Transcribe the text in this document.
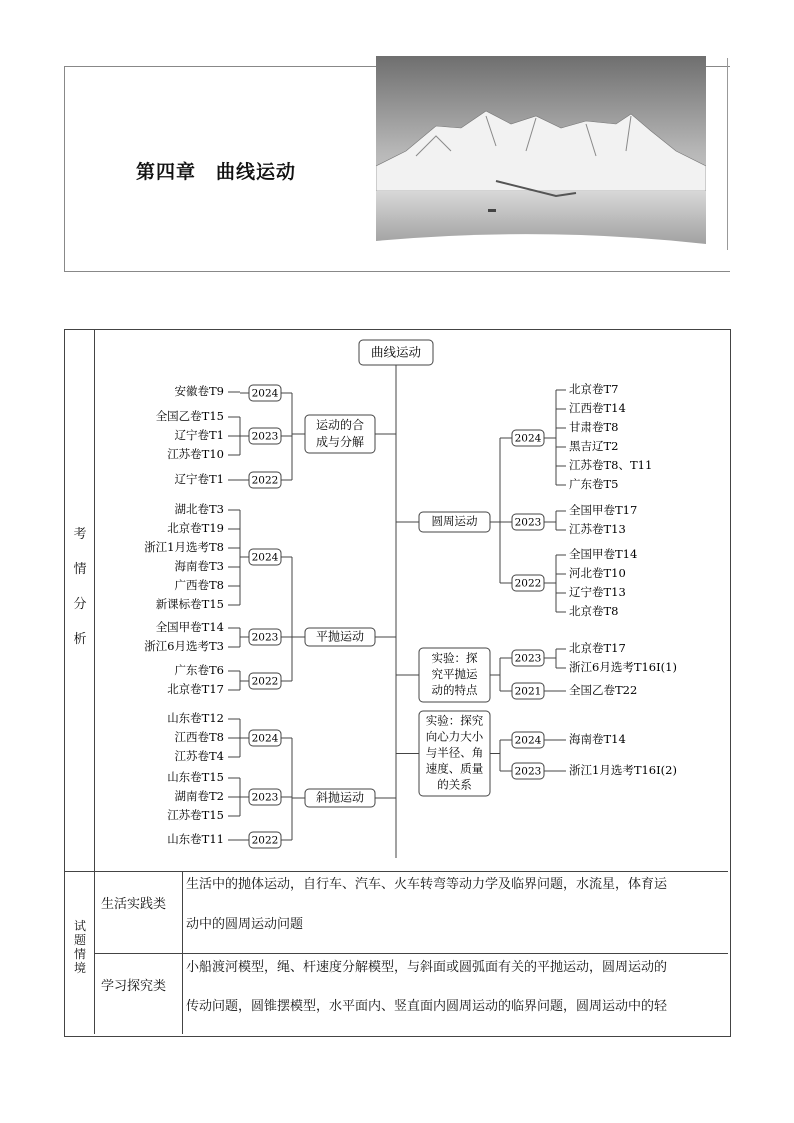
第四章　曲线运动
考
情
分
析
试
题
情
境
生活实践类
生活中的抛体运动，自行车、汽车、火车转弯等动力学及临界问题，水流星，体育运
动中的圆周运动问题
学习探究类
小船渡河模型，绳、杆速度分解模型，与斜面或圆弧面有关的平抛运动，圆周运动的
传动问题，圆锥摆模型，水平面内、竖直面内圆周运动的临界问题，圆周运动中的轻
曲线运动
运动的合
成与分解
2024
安徽卷T9
2023
全国乙卷T15
辽宁卷T1
江苏卷T10
2022
辽宁卷T1
平抛运动
2024
湖北卷T3
北京卷T19
浙江1月选考T8
海南卷T3
广西卷T8
新课标卷T15
2023
全国甲卷T14
浙江6月选考T3
2022
广东卷T6
北京卷T17
斜抛运动
2024
山东卷T12
江西卷T8
江苏卷T4
2023
山东卷T15
湖南卷T2
江苏卷T15
2022
山东卷T11
圆周运动
2024
北京卷T7
江西卷T14
甘肃卷T8
黑吉辽T2
江苏卷T8、T11
广东卷T5
2023
全国甲卷T17
江苏卷T13
2022
全国甲卷T14
河北卷T10
辽宁卷T13
北京卷T8
实验：探
究平抛运
动的特点
2023
北京卷T17
浙江6月选考T16Ⅰ(1)
2021 全国乙卷T22
实验：探究
向心力大小
与半径、角
速度、质量
的关系
2024 海南卷T14
2023 浙江1月选考T16Ⅰ(2)
